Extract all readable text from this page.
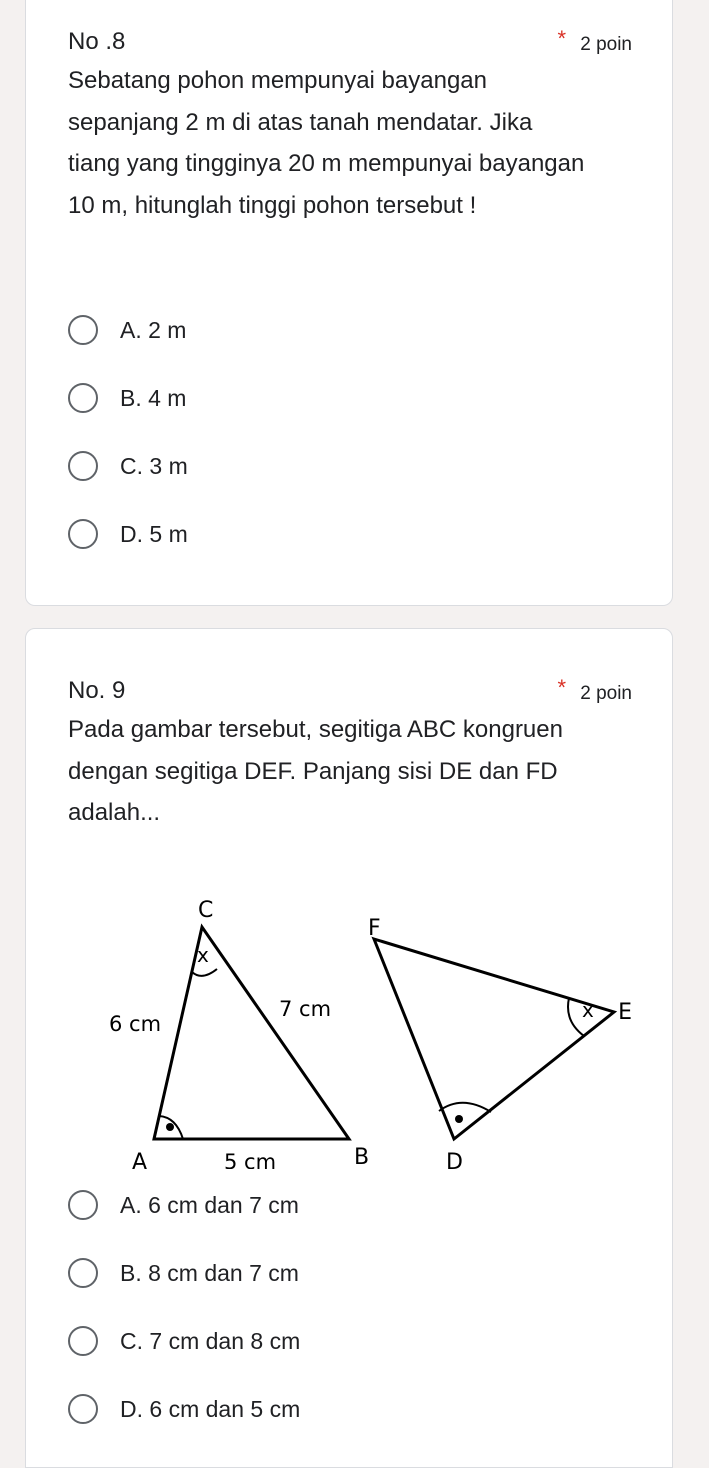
No .8	* 2 poin
Sebatang pohon mempunyai bayangan sepanjang 2 m di atas tanah mendatar. Jika tiang yang tingginya 20 m mempunyai bayangan 10 m, hitunglah tinggi pohon tersebut !
A. 2 m
B. 4 m
C. 3 m
D. 5 m
No. 9	* 2 poin
Pada gambar tersebut, segitiga ABC kongruen dengan segitiga DEF. Panjang sisi DE dan FD adalah...
C
x
6 cm
7 cm
A	5 cm	B
F
x E
D
A. 6 cm dan 7 cm
B. 8 cm dan 7 cm
C. 7 cm dan 8 cm
D. 6 cm dan 5 cm
